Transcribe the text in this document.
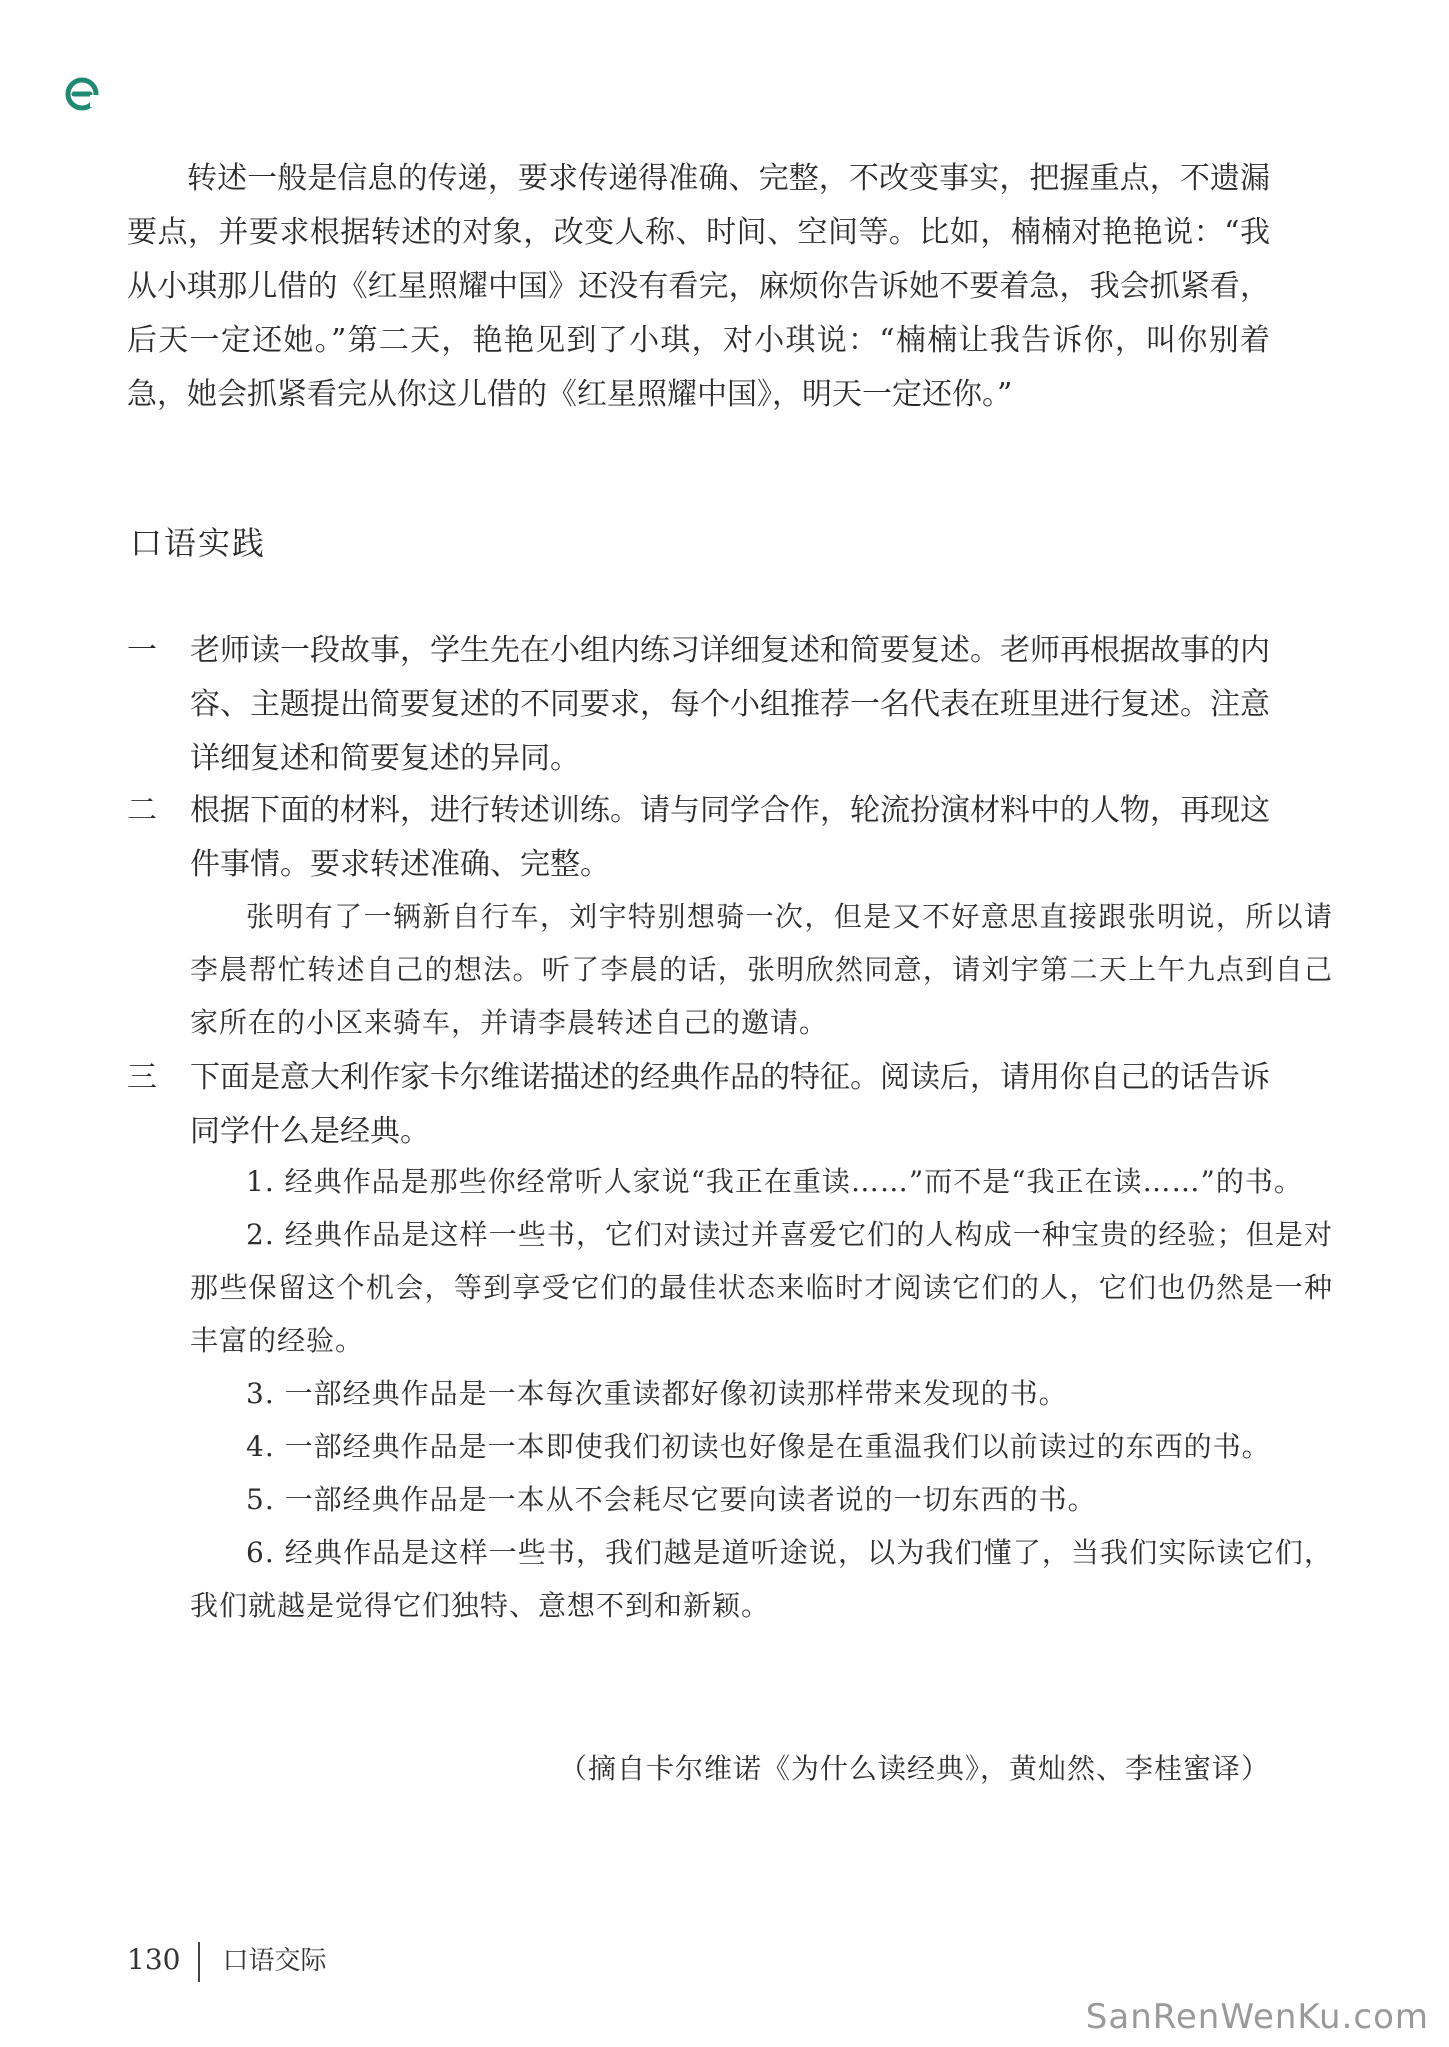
转述一般是信息的传递，要求传递得准确、完整，不改变事实，把握重点，不遗漏要点，并要求根据转述的对象，改变人称、时间、空间等。比如，楠楠对艳艳说：“我从小琪那儿借的《红星照耀中国》还没有看完，麻烦你告诉她不要着急，我会抓紧看，后天一定还她。”第二天，艳艳见到了小琪，对小琪说：“楠楠让我告诉你，叫你别着急，她会抓紧看完从你这儿借的《红星照耀中国》，明天一定还你。”

口语实践
一 老师读一段故事，学生先在小组内练习详细复述和简要复述。老师再根据故事的内容、主题提出简要复述的不同要求，每个小组推荐一名代表在班里进行复述。注意详细复述和简要复述的异同。
二 根据下面的材料，进行转述训练。请与同学合作，轮流扮演材料中的人物，再现这件事情。要求转述准确、完整。

张明有了一辆新自行车，刘宇特别想骑一次，但是又不好意思直接跟张明说，所以请李晨帮忙转述自己的想法。听了李晨的话，张明欣然同意，请刘宇第二天上午九点到自己家所在的小区来骑车，并请李晨转述自己的邀请。

三 下面是意大利作家卡尔维诺描述的经典作品的特征。阅读后，请用你自己的话告诉同学什么是经典。

1. 经典作品是那些你经常听人家说“我正在重读……”而不是“我正在读……”的书。

2. 经典作品是这样一些书，它们对读过并喜爱它们的人构成一种宝贵的经验；但是对那些保留这个机会，等到享受它们的最佳状态来临时才阅读它们的人，它们也仍然是一种丰富的经验。

3. 一部经典作品是一本每次重读都好像初读那样带来发现的书。

4. 一部经典作品是一本即使我们初读也好像是在重温我们以前读过的东西的书。

5. 一部经典作品是一本从不会耗尽它要向读者说的一切东西的书。

6. 经典作品是这样一些书，我们越是道听途说，以为我们懂了，当我们实际读它们，我们就越是觉得它们独特、意想不到和新颖。

（摘自卡尔维诺《为什么读经典》，黄灿然、李桂蜜译）
130 口语交际
SanRenWenKu.com
